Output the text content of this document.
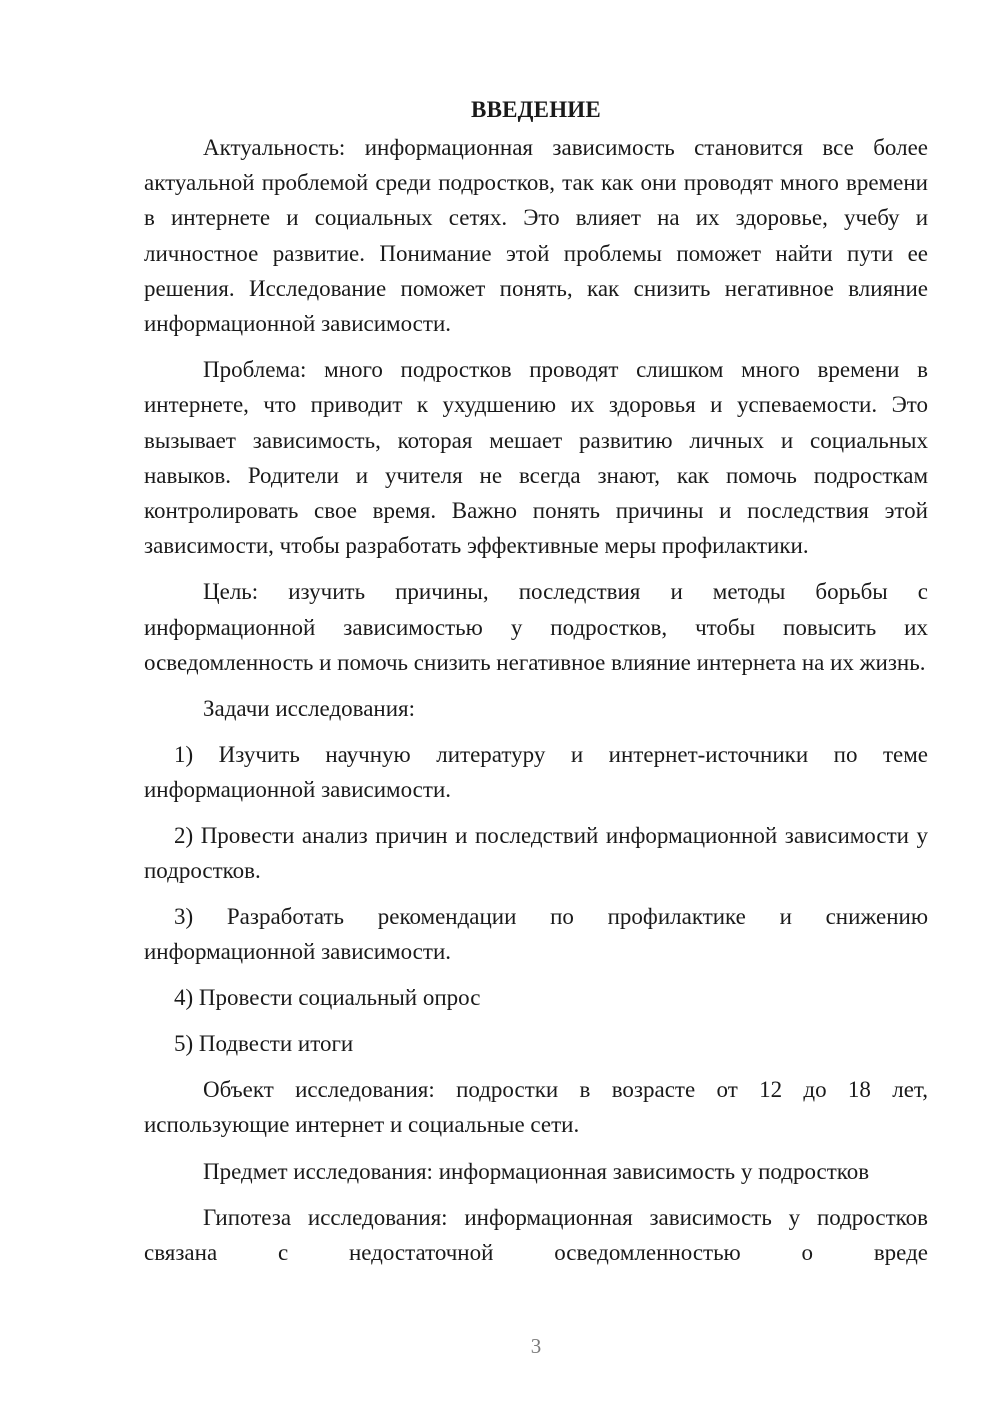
ВВЕДЕНИЕ

Актуальность: информационная зависимость становится все более актуальной проблемой среди подростков, так как они проводят много времени в интернете и социальных сетях. Это влияет на их здоровье, учебу и личностное развитие. Понимание этой проблемы поможет найти пути ее решения. Исследование поможет понять, как снизить негативное влияние информационной зависимости.

Проблема: много подростков проводят слишком много времени в интернете, что приводит к ухудшению их здоровья и успеваемости. Это вызывает зависимость, которая мешает развитию личных и социальных навыков. Родители и учителя не всегда знают, как помочь подросткам контролировать свое время. Важно понять причины и последствия этой зависимости, чтобы разработать эффективные меры профилактики.

Цель: изучить причины, последствия и методы борьбы с информационной зависимостью у подростков, чтобы повысить их осведомленность и помочь снизить негативное влияние интернета на их жизнь.

Задачи исследования:

1) Изучить научную литературу и интернет-источники по теме информационной зависимости.

2) Провести анализ причин и последствий информационной зависимости у подростков.

3) Разработать рекомендации по профилактике и снижению информационной зависимости.

4) Провести социальный опрос

5) Подвести итоги

Объект исследования: подростки в возрасте от 12 до 18 лет, использующие интернет и социальные сети.

Предмет исследования: информационная зависимость у подростков

Гипотеза исследования: информационная зависимость у подростков связана с недостаточной осведомленностью о вреде

3
